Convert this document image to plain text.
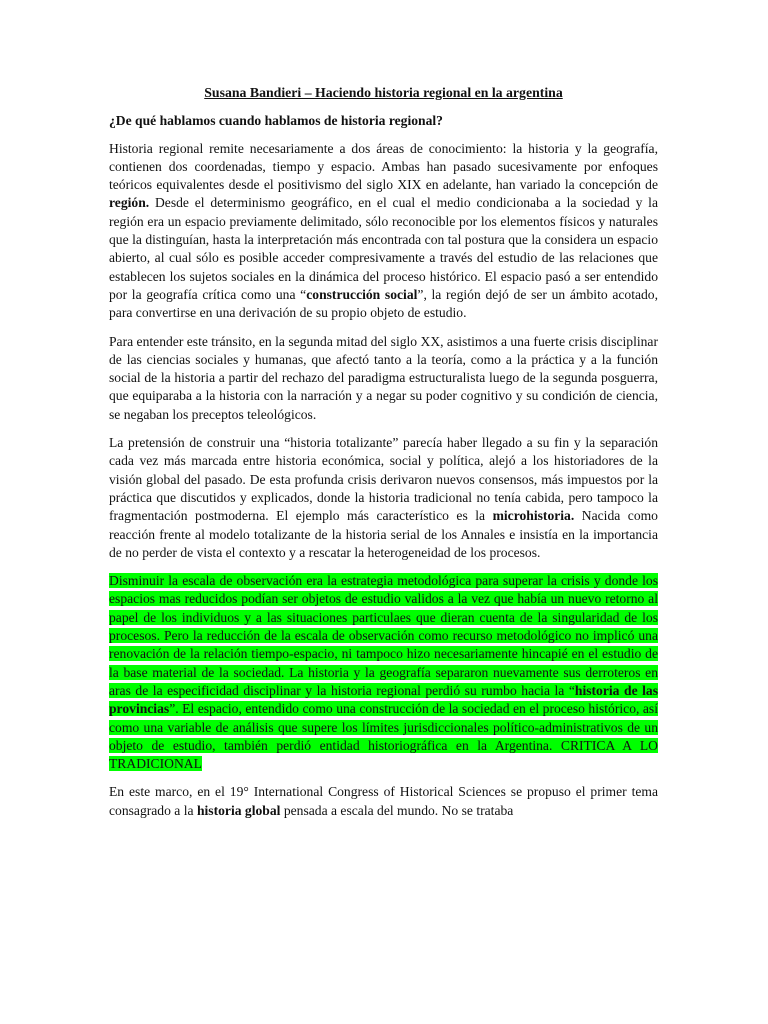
Susana Bandieri – Haciendo historia regional en la argentina
¿De qué hablamos cuando hablamos de historia regional?

Historia regional remite necesariamente a dos áreas de conocimiento: la historia y la geografía, contienen dos coordenadas, tiempo y espacio. Ambas han pasado sucesivamente por enfoques teóricos equivalentes desde el positivismo del siglo XIX en adelante, han variado la concepción de región. Desde el determinismo geográfico, en el cual el medio condicionaba a la sociedad y la región era un espacio previamente delimitado, sólo reconocible por los elementos físicos y naturales que la distinguían, hasta la interpretación más encontrada con tal postura que la considera un espacio abierto, al cual sólo es posible acceder compresivamente a través del estudio de las relaciones que establecen los sujetos sociales en la dinámica del proceso histórico. El espacio pasó a ser entendido por la geografía crítica como una “construcción social”, la región dejó de ser un ámbito acotado, para convertirse en una derivación de su propio objeto de estudio.

Para entender este tránsito, en la segunda mitad del siglo XX, asistimos a una fuerte crisis disciplinar de las ciencias sociales y humanas, que afectó tanto a la teoría, como a la práctica y a la función social de la historia a partir del rechazo del paradigma estructuralista luego de la segunda posguerra, que equiparaba a la historia con la narración y a negar su poder cognitivo y su condición de ciencia, se negaban los preceptos teleológicos.

La pretensión de construir una “historia totalizante” parecía haber llegado a su fin y la separación cada vez más marcada entre historia económica, social y política, alejó a los historiadores de la visión global del pasado. De esta profunda crisis derivaron nuevos consensos, más impuestos por la práctica que discutidos y explicados, donde la historia tradicional no tenía cabida, pero tampoco la fragmentación postmoderna. El ejemplo más característico es la microhistoria. Nacida como reacción frente al modelo totalizante de la historia serial de los Annales e insistía en la importancia de no perder de vista el contexto y a rescatar la heterogeneidad de los procesos.

Disminuir la escala de observación era la estrategia metodológica para superar la crisis y donde los espacios mas reducidos podían ser objetos de estudio validos a la vez que había un nuevo retorno al papel de los individuos y a las situaciones particulaes que dieran cuenta de la singularidad de los procesos. Pero la reducción de la escala de observación como recurso metodológico no implicó una renovación de la relación tiempo-espacio, ni tampoco hizo necesariamente hincapié en el estudio de la base material de la sociedad. La historia y la geografía separaron nuevamente sus derroteros en aras de la especificidad disciplinar y la historia regional perdió su rumbo hacia la “historia de las provincias”. El espacio, entendido como una construcción de la sociedad en el proceso histórico, así como una variable de análisis que supere los límites jurisdiccionales político-administrativos de un objeto de estudio, también perdió entidad historiográfica en la Argentina. CRITICA A LO TRADICIONAL

En este marco, en el 19° International Congress of Historical Sciences se propuso el primer tema consagrado a la historia global pensada a escala del mundo. No se trataba
